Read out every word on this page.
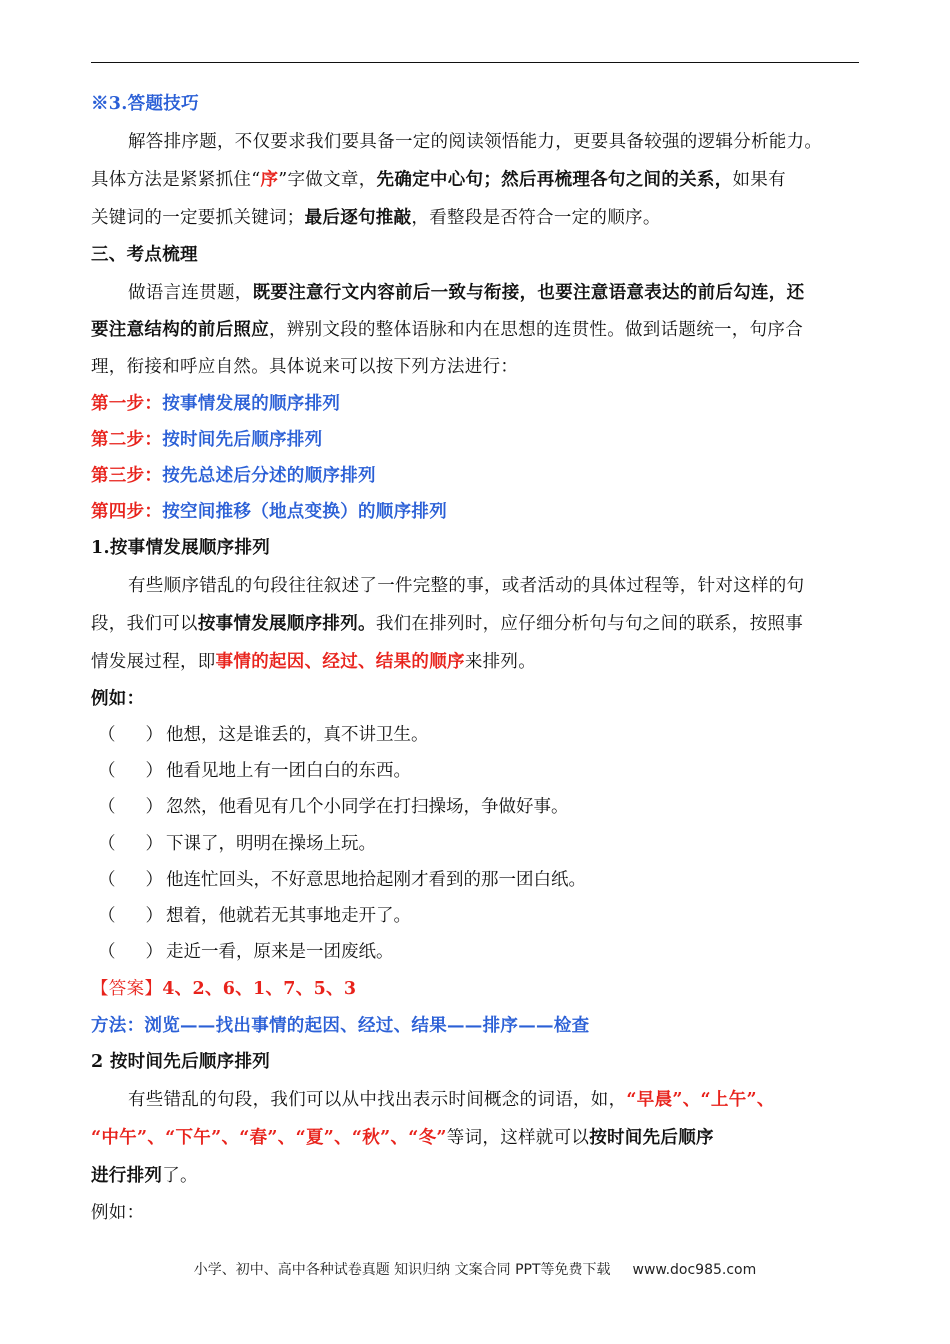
※3.答题技巧
解答排序题，不仅要求我们要具备一定的阅读领悟能力，更要具备较强的逻辑分析能力。
具体方法是紧紧抓住“序”字做文章，先确定中心句；然后再梳理各句之间的关系，如果有
关键词的一定要抓关键词；最后逐句推敲，看整段是否符合一定的顺序。
三、考点梳理
做语言连贯题，既要注意行文内容前后一致与衔接，也要注意语意表达的前后勾连，还
要注意结构的前后照应，辨别文段的整体语脉和内在思想的连贯性。做到话题统一，句序合
理，衔接和呼应自然。具体说来可以按下列方法进行：
第一步：按事情发展的顺序排列
第二步：按时间先后顺序排列
第三步：按先总述后分述的顺序排列
第四步：按空间推移（地点变换）的顺序排列
1.按事情发展顺序排列
有些顺序错乱的句段往往叙述了一件完整的事，或者活动的具体过程等，针对这样的句
段，我们可以按事情发展顺序排列。我们在排列时，应仔细分析句与句之间的联系，按照事
情发展过程，即事情的起因、经过、结果的顺序来排列。
例如：
（ ） 他想，这是谁丢的，真不讲卫生。
（ ） 他看见地上有一团白白的东西。
（ ） 忽然，他看见有几个小同学在打扫操场，争做好事。
（ ） 下课了，明明在操场上玩。
（ ） 他连忙回头，不好意思地拾起刚才看到的那一团白纸。
（ ） 想着，他就若无其事地走开了。
（ ） 走近一看，原来是一团废纸。
【答案】4、2、6、1、7、5、3
方法：浏览——找出事情的起因、经过、结果——排序——检查
2 按时间先后顺序排列
有些错乱的句段，我们可以从中找出表示时间概念的词语，如，“早晨”、“上午”、
“中午”、“下午”、“春”、“夏”、“秋”、“冬”等词，这样就可以按时间先后顺序
进行排列了。
例如：
小学、初中、高中各种试卷真题 知识归纳 文案合同 PPT等免费下载 www.doc985.com
